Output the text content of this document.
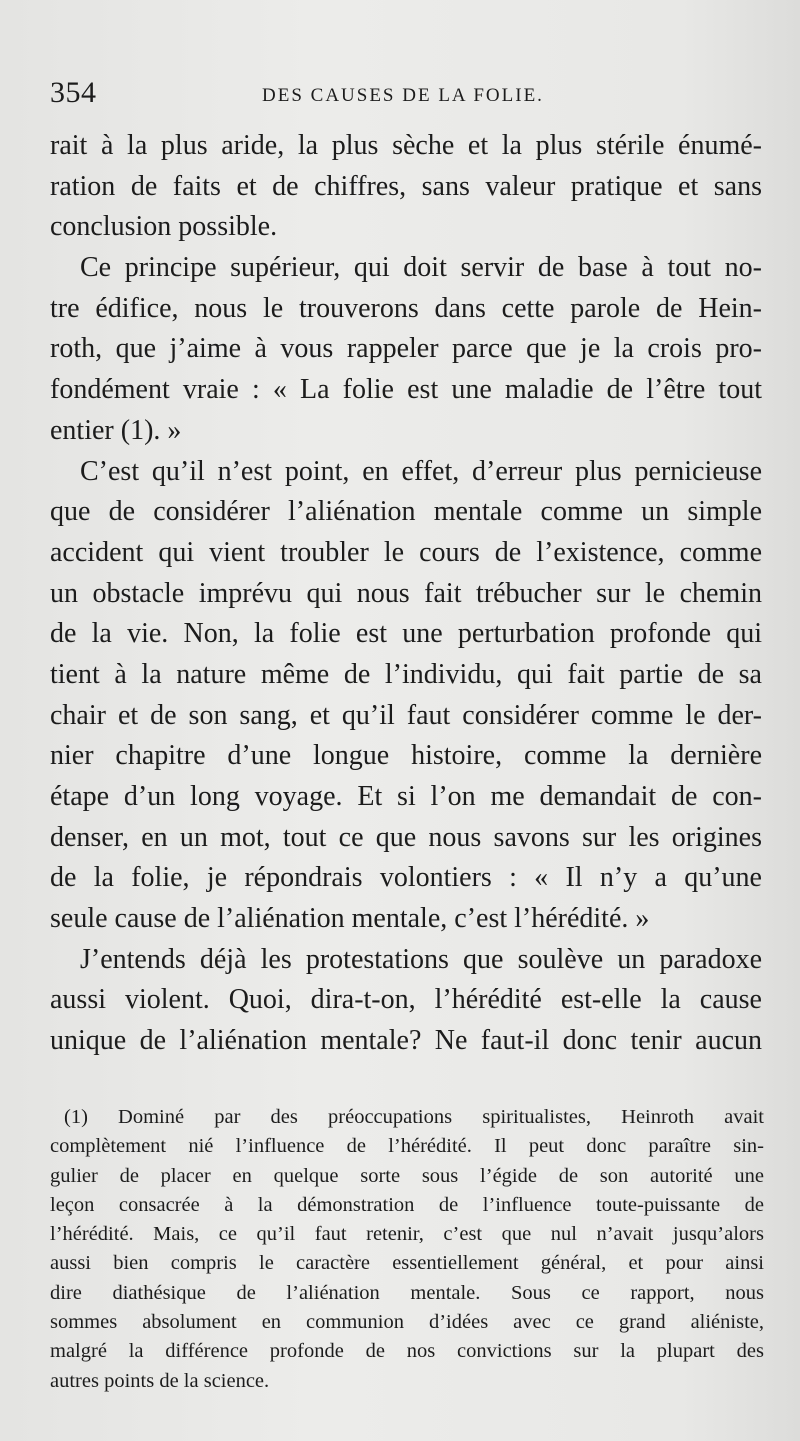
354	DES CAUSES DE LA FOLIE.
rait à la plus aride, la plus sèche et la plus stérile énumé-
ration de faits et de chiffres, sans valeur pratique et sans
conclusion possible.
Ce principe supérieur, qui doit servir de base à tout no-
tre édifice, nous le trouverons dans cette parole de Hein-
roth, que j’aime à vous rappeler parce que je la crois pro-
fondément vraie : « La folie est une maladie de l’être tout
entier (1). »
C’est qu’il n’est point, en effet, d’erreur plus pernicieuse
que de considérer l’aliénation mentale comme un simple
accident qui vient troubler le cours de l’existence, comme
un obstacle imprévu qui nous fait trébucher sur le chemin
de la vie. Non, la folie est une perturbation profonde qui
tient à la nature même de l’individu, qui fait partie de sa
chair et de son sang, et qu’il faut considérer comme le der-
nier chapitre d’une longue histoire, comme la dernière
étape d’un long voyage. Et si l’on me demandait de con-
denser, en un mot, tout ce que nous savons sur les origines
de la folie, je répondrais volontiers : « Il n’y a qu’une
seule cause de l’aliénation mentale, c’est l’hérédité. »
J’entends déjà les protestations que soulève un paradoxe
aussi violent. Quoi, dira-t-on, l’hérédité est-elle la cause
unique de l’aliénation mentale? Ne faut-il donc tenir aucun
(1) Dominé par des préoccupations spiritualistes, Heinroth avait
complètement nié l’influence de l’hérédité. Il peut donc paraître sin-
gulier de placer en quelque sorte sous l’égide de son autorité une
leçon consacrée à la démonstration de l’influence toute-puissante de
l’hérédité. Mais, ce qu’il faut retenir, c’est que nul n’avait jusqu’alors
aussi bien compris le caractère essentiellement général, et pour ainsi
dire diathésique de l’aliénation mentale. Sous ce rapport, nous
sommes absolument en communion d’idées avec ce grand aliéniste,
malgré la différence profonde de nos convictions sur la plupart des
autres points de la science.
